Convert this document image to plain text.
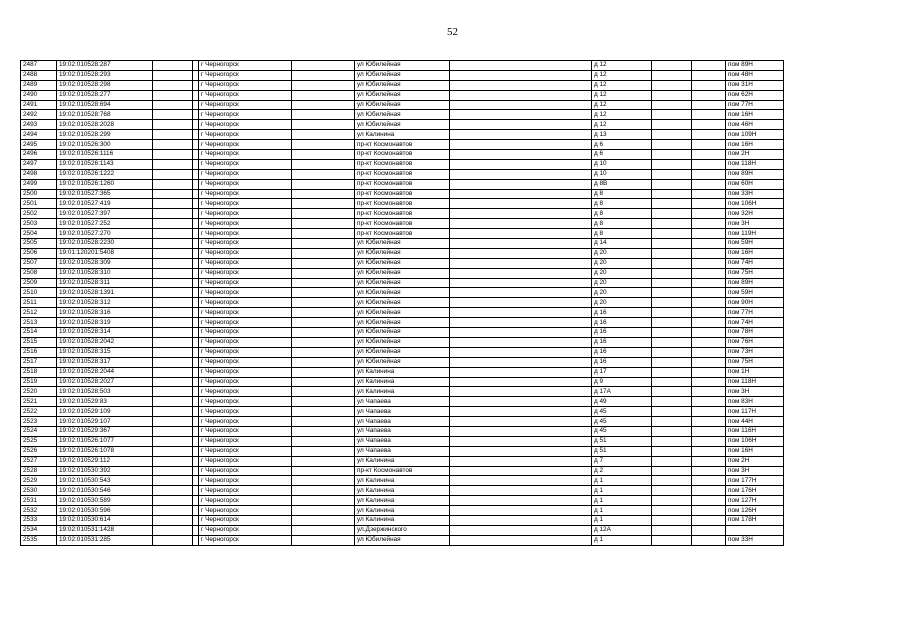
52
2487	19:02:010528:287			г Черногорск		ул Юбилейная		д 12			пом 89Н
2488	19:02:010528:293			г Черногорск		ул Юбилейная		д 12			пом 48Н
2489	19:02:010528:298			г Черногорск		ул Юбилейная		д 12			пом 31Н
2490	19:02:010528:277			г Черногорск		ул Юбилейная		д 12			пом 62Н
2491	19:02:010528:694			г Черногорск		ул Юбилейная		д 12			пом 77Н
2492	19:02:010528:768			г Черногорск		ул Юбилейная		д 12			пом 16Н
2493	19:02:010528:2028			г Черногорск		ул Юбилейная		д 12			пом 46Н
2494	19:02:010528:299			г Черногорск		ул Калинина		д 13			пом 109Н
2495	19:02:010526:300			г Черногорск		пр-кт Космонавтов		д 6			пом 16Н
2496	19:02:010526:1116			г Черногорск		пр-кт Космонавтов		д 6			пом 2Н
2497	19:02:010526:1143			г Черногорск		пр-кт Космонавтов		д 10			пом 118Н
2498	19:02:010526:1222			г Черногорск		пр-кт Космонавтов		д 10			пом 89Н
2499	19:02:010526:1260			г Черногорск		пр-кт Космонавтов		д 8В			пом 60Н
2500	19:02:010527:365			г Черногорск		пр-кт Космонавтов		д 8			пом 33Н
2501	19:02:010527:419			г Черногорск		пр-кт Космонавтов		д 8			пом 106Н
2502	19:02:010527:397			г Черногорск		пр-кт Космонавтов		д 8			пом 32Н
2503	19:02:010527:252			г Черногорск		пр-кт Космонавтов		д 8			пом 3Н
2504	19:02:010527:270			г Черногорск		пр-кт Космонавтов		д 8			пом 119Н
2505	19:02:010528:2230			г Черногорск		ул Юбилейная		д 14			пом 59Н
2506	19:01:120201:5408			г Черногорск		ул Юбилейная		д 20			пом 16Н
2507	19:02:010528:309			г Черногорск		ул Юбилейная		д 20			пом 74Н
2508	19:02:010528:310			г Черногорск		ул Юбилейная		д 20			пом 75Н
2509	19:02:010528:311			г Черногорск		ул Юбилейная		д 20			пом 89Н
2510	19:02:010528:1391			г Черногорск		ул Юбилейная		д 20			пом 59Н
2511	19:02:010528:312			г Черногорск		ул Юбилейная		д 20			пом 90Н
2512	19:02:010528:316			г Черногорск		ул Юбилейная		д 16			пом 77Н
2513	19:02:010528:319			г Черногорск		ул Юбилейная		д 16			пом 74Н
2514	19:02:010528:314			г Черногорск		ул Юбилейная		д 16			пом 78Н
2515	19:02:010528:2042			г Черногорск		ул Юбилейная		д 16			пом 76Н
2516	19:02:010528:315			г Черногорск		ул Юбилейная		д 16			пом 73Н
2517	19:02:010528:317			г Черногорск		ул Юбилейная		д 16			пом 75Н
2518	19:02:010528:2044			г Черногорск		ул Калинина		д 17			пом 1Н
2519	19:02:010528:2027			г Черногорск		ул Калинина		д 9			пом 118Н
2520	19:02:010528:503			г Черногорск		ул Калинина		д 17А			пом 3Н
2521	19:02:010529:83			г Черногорск		ул Чапаева		д 49			пом 83Н
2522	19:02:010529:109			г Черногорск		ул Чапаева		д 45			пом 117Н
2523	19:02:010529:107			г Черногорск		ул Чапаева		д 45			пом 44Н
2524	19:02:010529:367			г Черногорск		ул Чапаева		д 45			пом 116Н
2525	19:02:010526:1077			г Черногорск		ул Чапаева		д 51			пом 106Н
2526	19:02:010526:1078			г Черногорск		ул Чапаева		д 51			пом 16Н
2527	19:02:010529:112			г Черногорск		ул Калинина		д 7			пом 2Н
2528	19:02:010530:392			г Черногорск		пр-кт Космонавтов		д 2			пом 3Н
2529	19:02:010530:543			г Черногорск		ул Калинина		д 1			пом 177Н
2530	19:02:010530:546			г Черногорск		ул Калинина		д 1			пом 176Н
2531	19:02:010530:589			г Черногорск		ул Калинина		д 1			пом 127Н
2532	19:02:010530:596			г Черногорск		ул Калинина		д 1			пом 126Н
2533	19:02:010530:614			г Черногорск		ул Калинина		д 1			пом 178Н
2534	19:02:010531:1428			г Черногорск		ул.Дзержинского		д 12А			
2535	19:02:010531:285			г Черногорск		ул Юбилейная		д 1			пом 33Н
